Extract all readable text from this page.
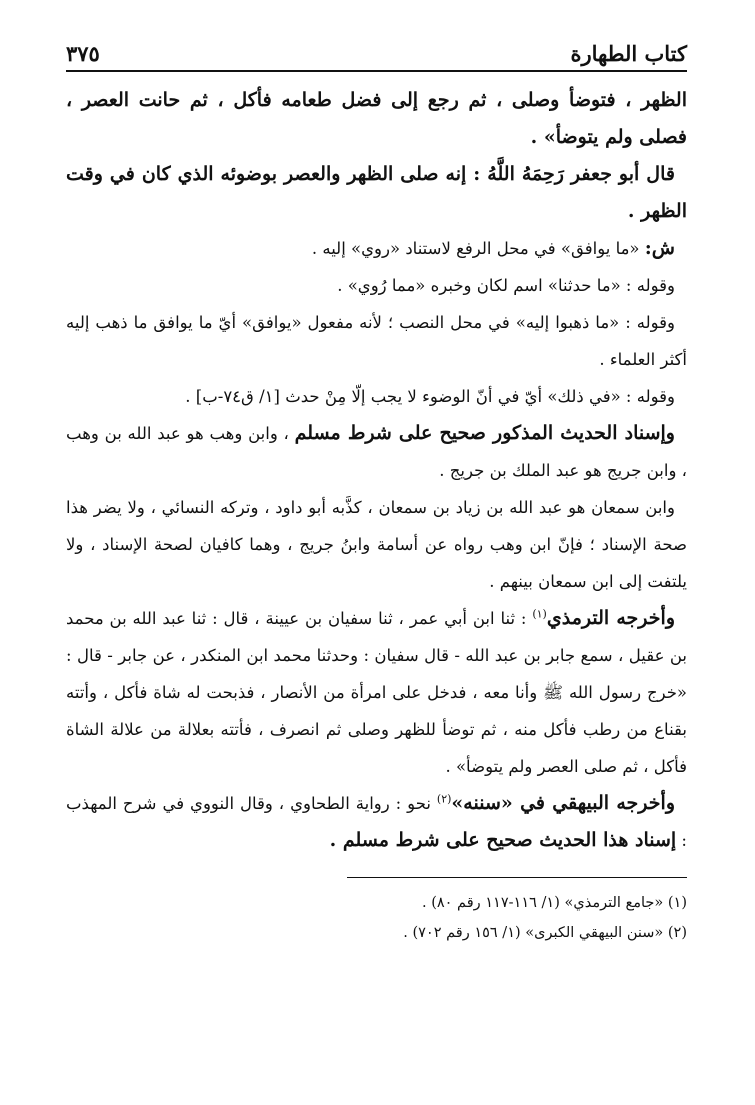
كتاب الطهارة
٣٧٥

الظهر ، فتوضأ وصلى ، ثم رجع إلى فضل طعامه فأكل ، ثم حانت العصر ، فصلى ولم يتوضأ» .

قال أبو جعفر رَحِمَهُ اللَّهُ : إنه صلى الظهر والعصر بوضوئه الذي كان في وقت الظهر .

ش: «ما يوافق» في محل الرفع لاستناد «روي» إليه .

وقوله : «ما حدثنا» اسم لكان وخبره «مما رُوي» .

وقوله : «ما ذهبوا إليه» في محل النصب ؛ لأنه مفعول «يوافق» أيّ ما يوافق ما ذهب إليه أكثر العلماء .

وقوله : «في ذلك» أيّ في أنّ الوضوء لا يجب إلّا مِنْ حدث [١/ ق٧٤-ب] .

وإسناد الحديث المذكور صحيح على شرط مسلم ، وابن وهب هو عبد الله بن وهب ، وابن جريج هو عبد الملك بن جريج .

وابن سمعان هو عبد الله بن زياد بن سمعان ، كذَّبه أبو داود ، وتركه النسائي ، ولا يضر هذا صحة الإسناد ؛ فإنّ ابن وهب رواه عن أسامة وابنُ جريج ، وهما كافيان لصحة الإسناد ، ولا يلتفت إلى ابن سمعان بينهم .

وأخرجه الترمذي$^{(١)}$ : ثنا ابن أبي عمر ، ثنا سفيان بن عيينة ، قال : ثنا عبد الله بن محمد بن عقيل ، سمع جابر بن عبد الله - قال سفيان : وحدثنا محمد ابن المنكدر ، عن جابر - قال : «خرج رسول الله ﷺ وأنا معه ، فدخل على امرأة من الأنصار ، فذبحت له شاة فأكل ، وأتته بقناع من رطب فأكل منه ، ثم توضأ للظهر وصلى ثم انصرف ، فأتته بعلالة من علالة الشاة فأكل ، ثم صلى العصر ولم يتوضأ» .

وأخرجه البيهقي في «سننه»$^{(٢)}$ نحو : رواية الطحاوي ، وقال النووي في شرح المهذب : إسناد هذا الحديث صحيح على شرط مسلم .

(١) «جامع الترمذي» (١/ ١١٦-١١٧ رقم ٨٠) .
(٢) «سنن البيهقي الكبرى» (١/ ١٥٦ رقم ٧٠٢) .
